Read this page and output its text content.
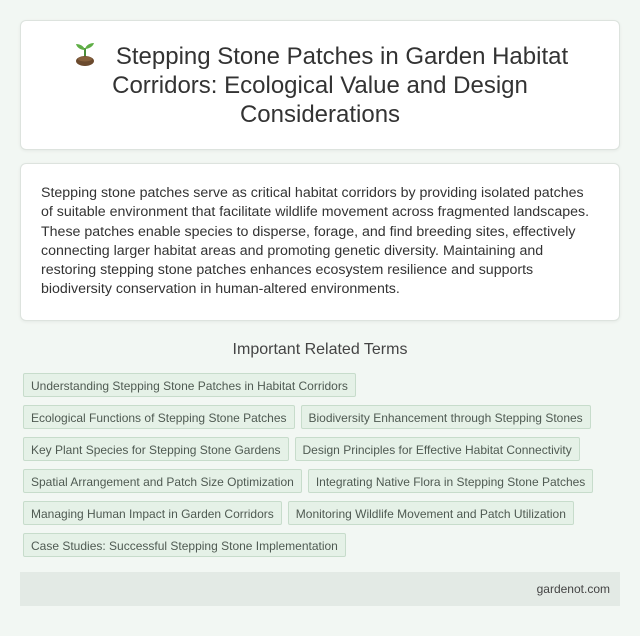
Stepping Stone Patches in Garden Habitat Corridors: Ecological Value and Design Considerations

Stepping stone patches serve as critical habitat corridors by providing isolated patches of suitable environment that facilitate wildlife movement across fragmented landscapes. These patches enable species to disperse, forage, and find breeding sites, effectively connecting larger habitat areas and promoting genetic diversity. Maintaining and restoring stepping stone patches enhances ecosystem resilience and supports biodiversity conservation in human-altered environments.

Important Related Terms
Understanding Stepping Stone Patches in Habitat Corridors
Ecological Functions of Stepping Stone Patches	Biodiversity Enhancement through Stepping Stones
Key Plant Species for Stepping Stone Gardens	Design Principles for Effective Habitat Connectivity
Spatial Arrangement and Patch Size Optimization	Integrating Native Flora in Stepping Stone Patches
Managing Human Impact in Garden Corridors	Monitoring Wildlife Movement and Patch Utilization
Case Studies: Successful Stepping Stone Implementation
gardenot.com
